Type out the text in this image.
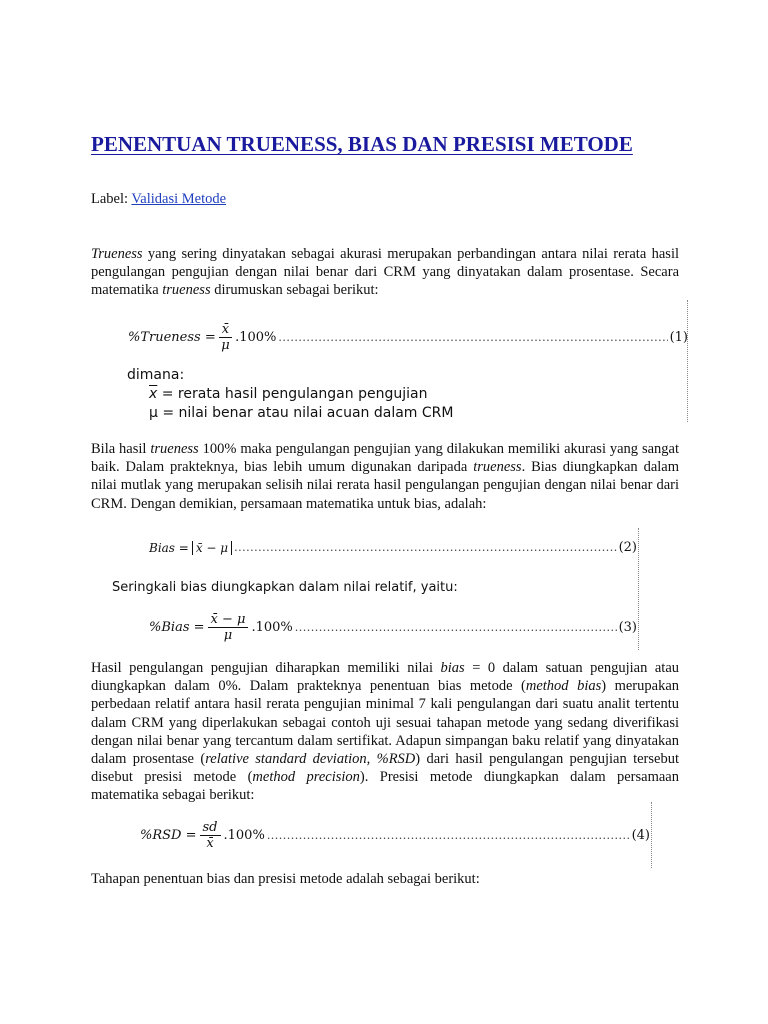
PENENTUAN TRUENESS, BIAS DAN PRESISI METODE
Label: Validasi Metode

Trueness yang sering dinyatakan sebagai akurasi merupakan perbandingan antara nilai rerata hasil pengulangan pengujian dengan nilai benar dari CRM yang dinyatakan dalam prosentase. Secara matematika trueness dirumuskan sebagai berikut:

%Trueness = $\frac{x̄}{\mu} .100\%$ .....	(1)
dimana:
$\overline{x}$ = rerata hasil pengulangan pengujian
μ = nilai benar atau nilai acuan dalam CRM

Bila hasil trueness 100% maka pengulangan pengujian yang dilakukan memiliki akurasi yang sangat baik. Dalam prakteknya, bias lebih umum digunakan daripada trueness. Bias diungkapkan dalam nilai mutlak yang merupakan selisih nilai rerata hasil pengulangan pengujian dengan nilai benar dari CRM. Dengan demikian, persamaan matematika untuk bias, adalah:

Bias = x̄ − μ .....	(2)
Seringkali bias diungkapkan dalam nilai relatif, yaitu:
%Bias = $\frac{x̄ - \mu}{\mu} .100\%$ .....	(3)

Hasil pengulangan pengujian diharapkan memiliki nilai bias = 0 dalam satuan pengujian atau diungkapkan dalam 0%. Dalam prakteknya penentuan bias metode (method bias) merupakan perbedaan relatif antara hasil rerata pengujian minimal 7 kali pengulangan dari suatu analit tertentu dalam CRM yang diperlakukan sebagai contoh uji sesuai tahapan metode yang sedang diverifikasi dengan nilai benar yang tercantum dalam sertifikat. Adapun simpangan baku relatif yang dinyatakan dalam prosentase (relative standard deviation, %RSD) dari hasil pengulangan pengujian tersebut disebut presisi metode (method precision). Presisi metode diungkapkan dalam persamaan matematika sebagai berikut:

$\%RSD = \frac{sd}{x̄} .100\%$ .....	(4)

Tahapan penentuan bias dan presisi metode adalah sebagai berikut:
